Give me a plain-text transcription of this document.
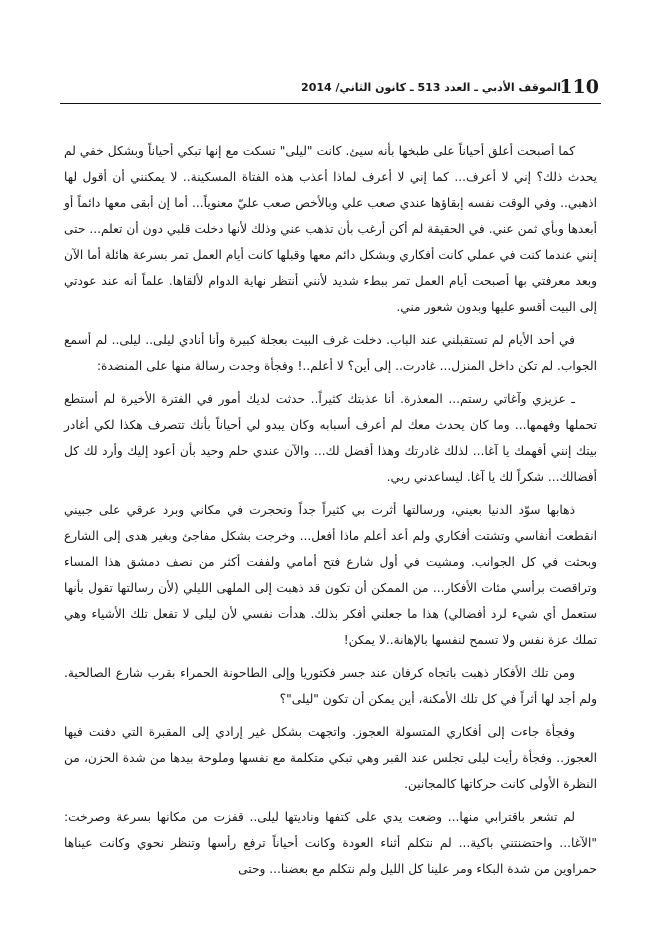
110
الموقف الأدبي ـ العدد 513 ـ كانون الثاني/ 2014

كما أصبحت أعلق أحياناً على طبخها بأنه سيئ. كانت "ليلى" تسكت مع إنها تبكي أحياناً وبشكل خفي لم يحدث ذلك؟ إني لا أعرف... كما إني لا أعرف لماذا أعذب هذه الفتاة المسكينة.. لا يمكنني أن أقول لها اذهبي.. وفي الوقت نفسه إبقاؤها عندي صعب علي وبالأخص صعب عليّ معنوياً... أما إن أبقى معها دائماً أو أبعدها وبأي ثمن عني. في الحقيقة لم أكن أرغب بأن تذهب عني وذلك لأنها دخلت قلبي دون أن تعلم... حتى إنني عندما كنت في عملي كانت أفكاري وبشكل دائم معها وقبلها كانت أيام العمل تمر بسرعة هائلة أما الآن وبعد معرفتي بها أصبحت أيام العمل تمر ببطء شديد لأنني أنتظر نهاية الدوام لألقاها. علماً أنه عند عودتي إلى البيت أقسو عليها وبدون شعور مني.

في أحد الأيام لم تستقبلني عند الباب. دخلت غرف البيت بعجلة كبيرة وأنا أنادي ليلى.. ليلى.. لم أسمع الجواب. لم تكن داخل المنزل... غادرت.. إلى أين؟ لا أعلم..! وفجأة وجدت رسالة منها على المنضدة:

ـ عزيزي وآغاتي رستم... المعذرة. أنا عذبتك كثيراً.. حدثت لديك أمور في الفترة الأخيرة لم أستطع تحملها وفهمها... وما كان يحدث معك لم أعرف أسبابه وكان يبدو لي أحياناً بأنك تتصرف هكذا لكي أغادر بيتك إنني أفهمك يا آغا... لذلك غادرتك وهذا أفضل لك... والآن عندي حلم وحيد بأن أعود إليك وأرد لك كل أفضالك... شكراً لك يا آغا. ليساعدني ربي.

ذهابها سوّد الدنيا بعيني، ورسالتها أثرت بي كثيراً جداً وتحجرت في مكاني وبرد عرقي على جبيني انقطعت أنفاسي وتشتت أفكاري ولم أعد أعلم ماذا أفعل... وخرجت بشكل مفاجئ وبغير هدى إلى الشارع وبحثت في كل الجوانب. ومشيت في أول شارع فتح أمامي ولففت أكثر من نصف دمشق هذا المساء وتراقصت برأسي مئات الأفكار... من الممكن أن تكون قد ذهبت إلى الملهى الليلي (لأن رسالتها تقول بأنها ستعمل أي شيء لرد أفضالي) هذا ما جعلني أفكر بذلك. هدأت نفسي لأن ليلى لا تفعل تلك الأشياء وهي تملك عزة نفس ولا تسمح لنفسها بالإهانة..لا يمكن!

ومن تلك الأفكار ذهبت باتجاه كرفان عند جسر فكتوريا وإلى الطاحونة الحمراء بقرب شارع الصالحية. ولم أجد لها أثراً في كل تلك الأمكنة، أين يمكن أن تكون "ليلى"؟

وفجأة جاءت إلى أفكاري المتسولة العجوز. واتجهت بشكل غير إرادي إلى المقبرة التي دفنت فيها العجوز.. وفجأة رأيت ليلى تجلس عند القبر وهي تبكي متكلمة مع نفسها وملوحة بيدها من شدة الحزن، من النظرة الأولى كانت حركاتها كالمجانين.

لم تشعر باقترابي منها... وضعت يدي على كتفها وناديتها ليلى.. قفزت من مكانها بسرعة وصرخت: "الآغا... واحتضنتني باكية... لم نتكلم أثناء العودة وكانت أحياناً ترفع رأسها وتنظر نحوي وكانت عيناها حمراوين من شدة البكاء ومر علينا كل الليل ولم نتكلم مع بعضنا... وحتى
